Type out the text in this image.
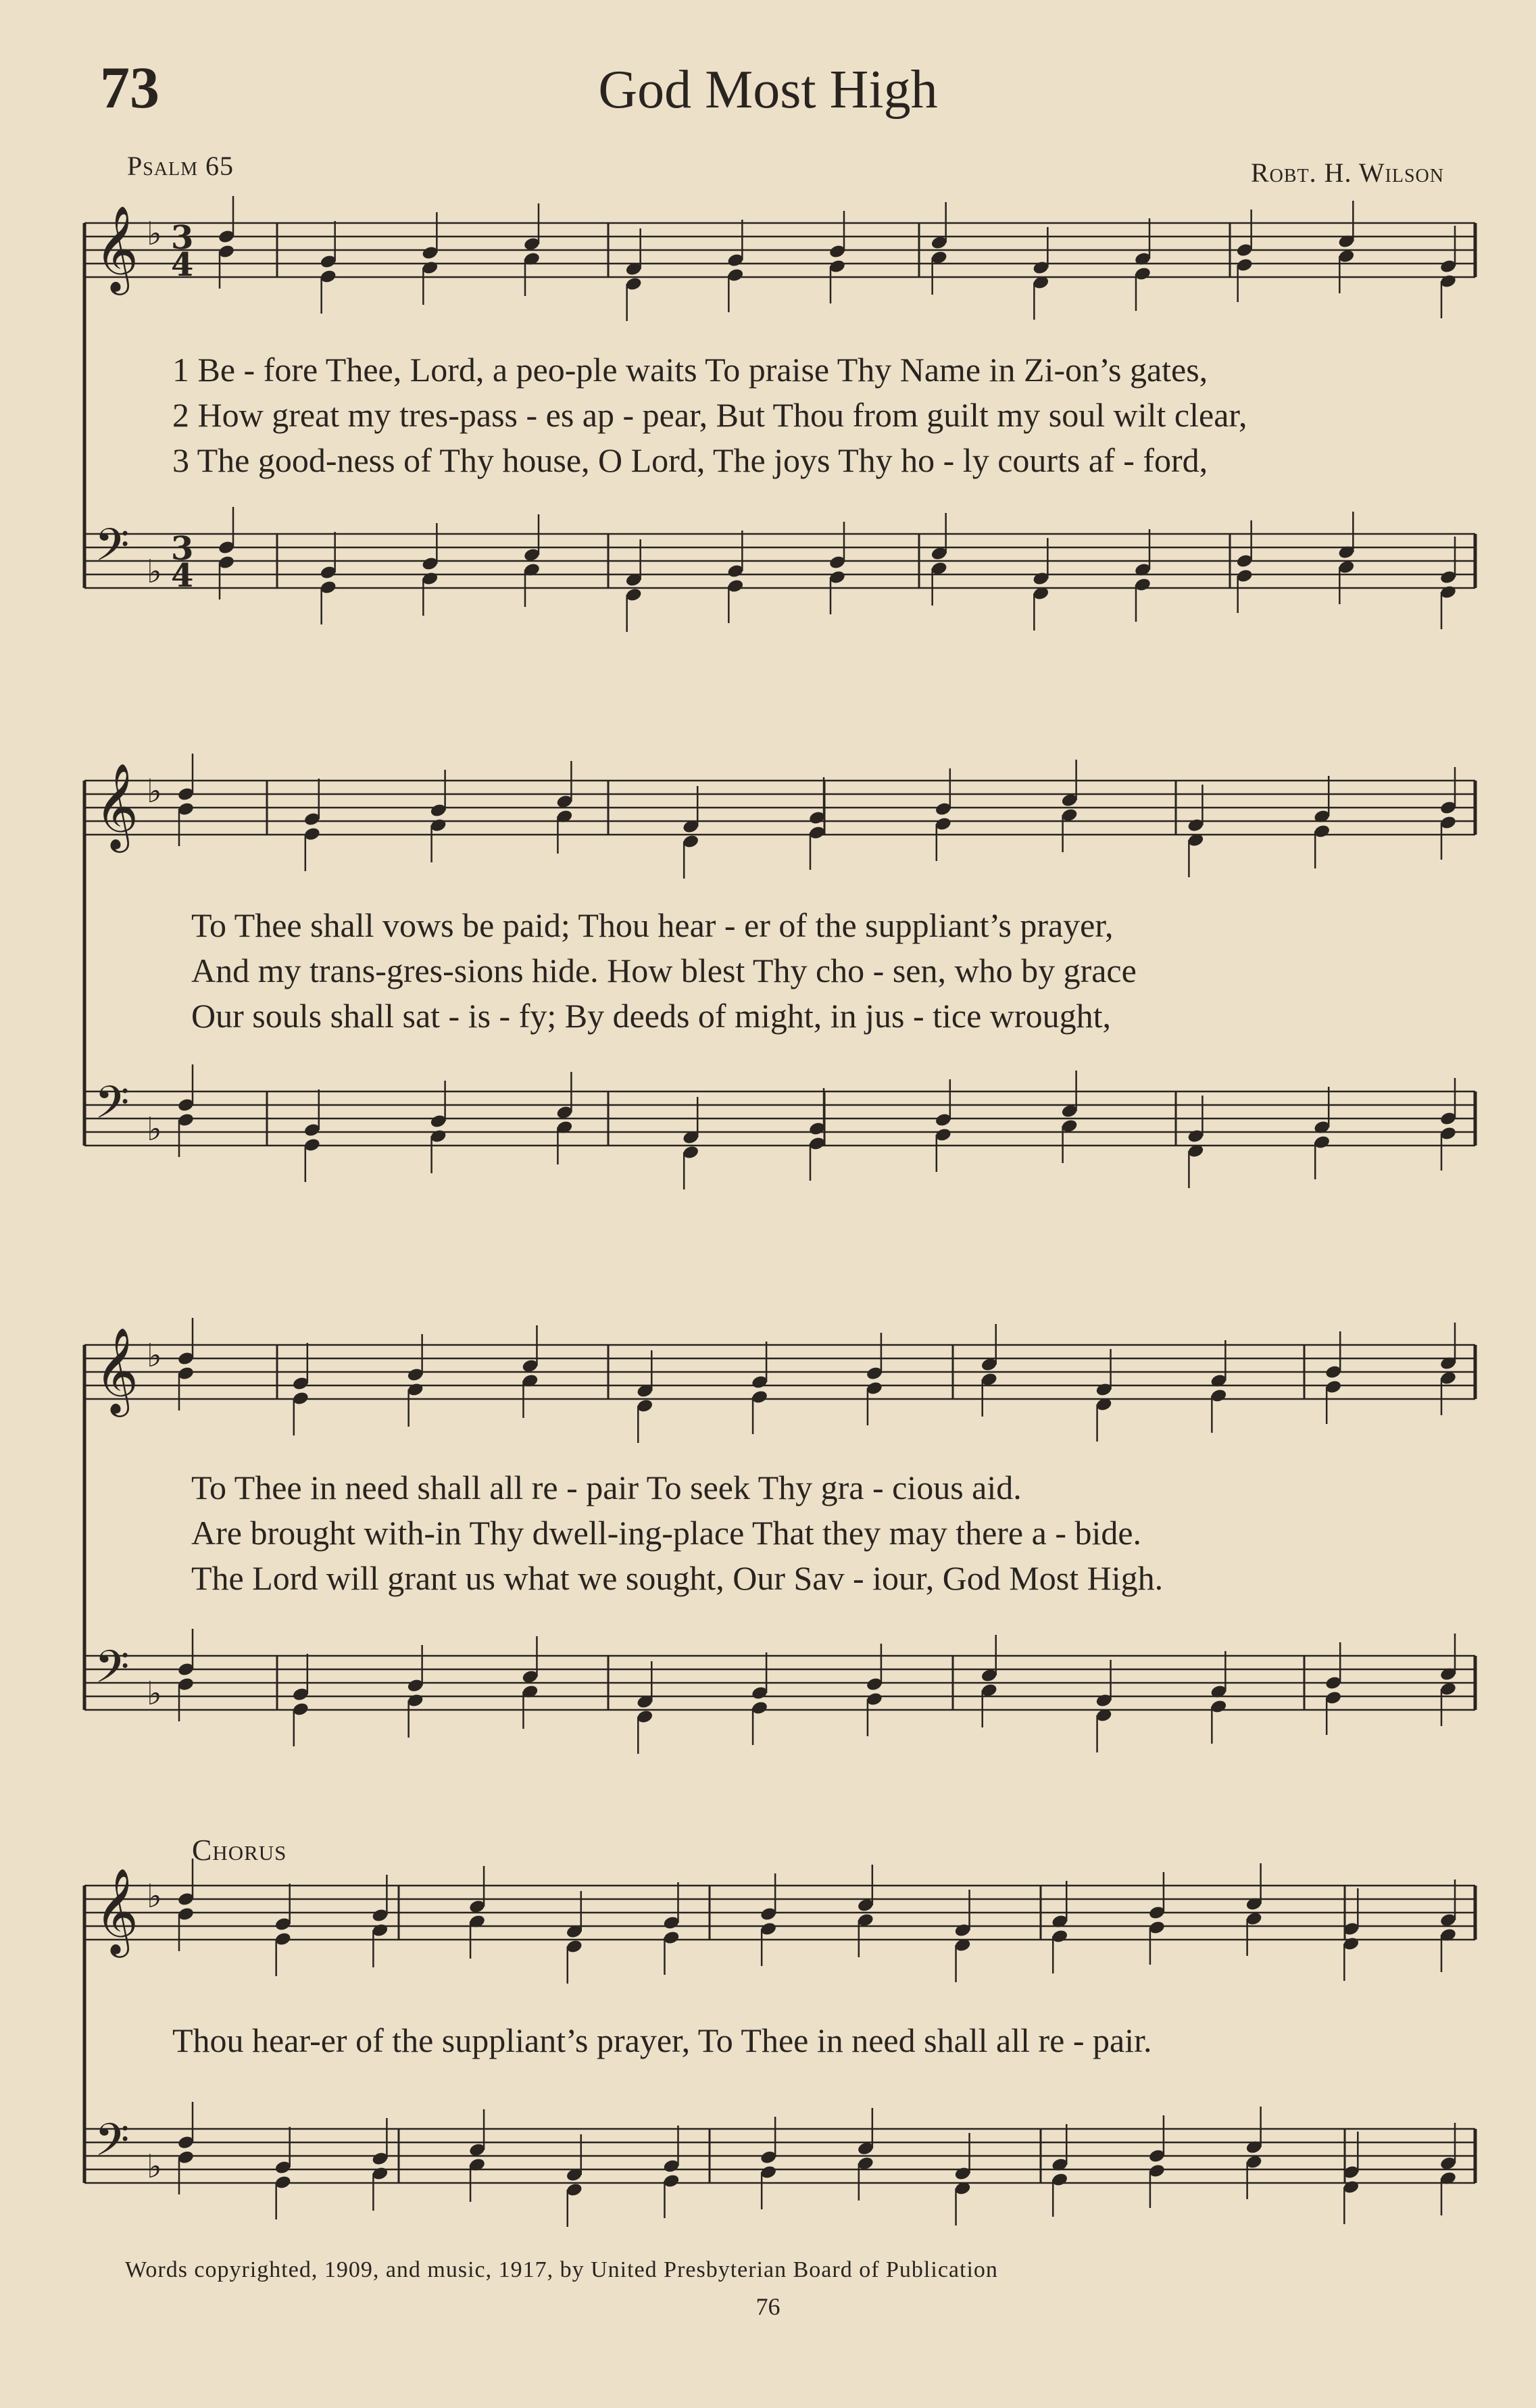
73	God Most High
Psalm 65	Robt. H. Wilson
𝄞 ♭ 3
4
𝄢 ♭
3
4
𝄞 ♭
𝄢 ♭
𝄞 ♭
𝄢 ♭
𝄞 ♭
𝄢 ♭
1 Be - fore Thee, Lord, a peo-ple waits To praise Thy Name in Zi-on’s gates,
2 How great my tres-pass - es ap - pear, But Thou from guilt my soul wilt clear,
3 The good-ness of Thy house, O Lord, The joys Thy ho - ly courts af - ford,
To Thee shall vows be paid; Thou hear - er of the suppliant’s prayer,
And my trans-gres-sions hide. How blest Thy cho - sen, who by grace
Our souls shall sat - is - fy; By deeds of might, in jus - tice wrought,
To Thee in need shall all re - pair To seek Thy gra - cious aid.
Are brought with-in Thy dwell-ing-place That they may there a - bide.
The Lord will grant us what we sought, Our Sav - iour, God Most High.
Chorus
Thou hear-er of the suppliant’s prayer, To Thee in need shall all re - pair.
Words copyrighted, 1909, and music, 1917, by United Presbyterian Board of Publication
76
